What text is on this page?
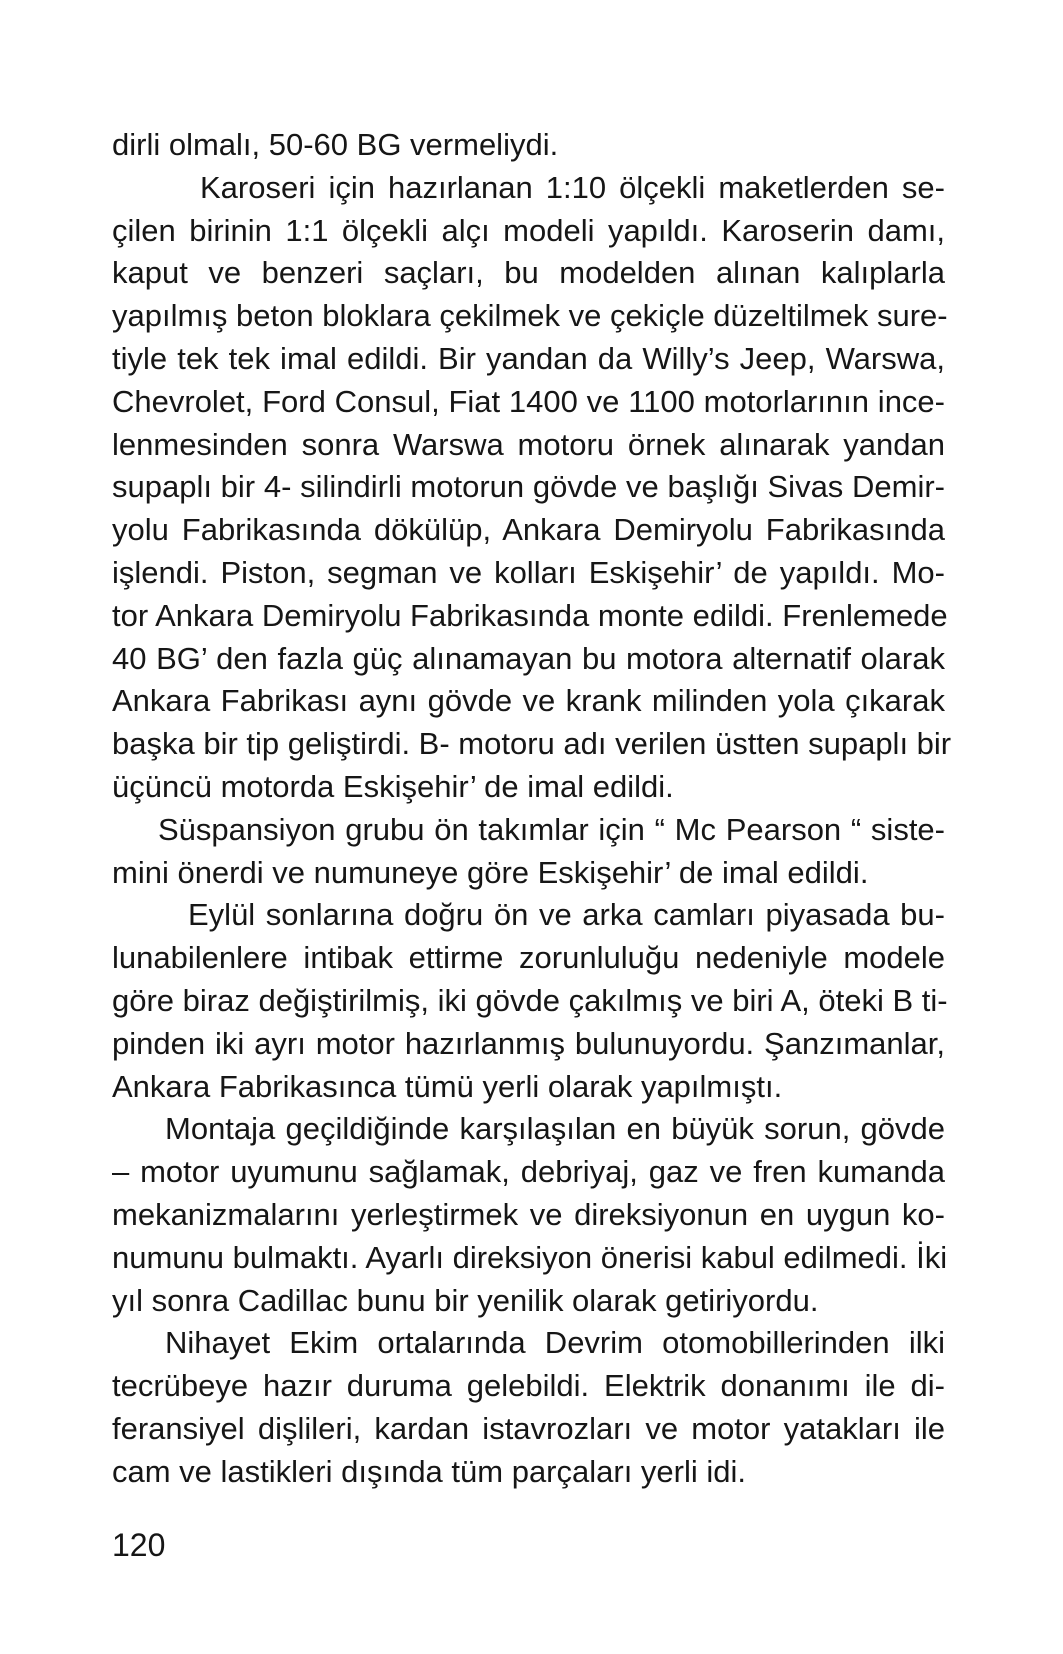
dirli olmalı, 50-60 BG vermeliydi.
Karoseri için hazırlanan 1:10 ölçekli maketlerden se-
çilen birinin 1:1 ölçekli alçı modeli yapıldı. Karoserin damı,
kaput ve benzeri saçları, bu modelden alınan kalıplarla
yapılmış beton bloklara çekilmek ve çekiçle düzeltilmek sure-
tiyle tek tek imal edildi. Bir yandan da Willy’s Jeep, Warswa,
Chevrolet, Ford Consul, Fiat 1400 ve 1100 motorlarının ince-
lenmesinden sonra Warswa motoru örnek alınarak yandan
supaplı bir 4- silindirli motorun gövde ve başlığı Sivas Demir-
yolu Fabrikasında dökülüp, Ankara Demiryolu Fabrikasında
işlendi. Piston, segman ve kolları Eskişehir’ de yapıldı. Mo-
tor Ankara Demiryolu Fabrikasında monte edildi. Frenlemede
40 BG’ den fazla güç alınamayan bu motora alternatif olarak
Ankara Fabrikası aynı gövde ve krank milinden yola çıkarak
başka bir tip geliştirdi. B- motoru adı verilen üstten supaplı bir
üçüncü motorda Eskişehir’ de imal edildi.
Süspansiyon grubu ön takımlar için “ Mc Pearson “ siste-
mini önerdi ve numuneye göre Eskişehir’ de imal edildi.
Eylül sonlarına doğru ön ve arka camları piyasada bu-
lunabilenlere intibak ettirme zorunluluğu nedeniyle modele
göre biraz değiştirilmiş, iki gövde çakılmış ve biri A, öteki B ti-
pinden iki ayrı motor hazırlanmış bulunuyordu. Şanzımanlar,
Ankara Fabrikasınca tümü yerli olarak yapılmıştı.
Montaja geçildiğinde karşılaşılan en büyük sorun, gövde
– motor uyumunu sağlamak, debriyaj, gaz ve fren kumanda
mekanizmalarını yerleştirmek ve direksiyonun en uygun ko-
numunu bulmaktı. Ayarlı direksiyon önerisi kabul edilmedi. İki
yıl sonra Cadillac bunu bir yenilik olarak getiriyordu.
Nihayet Ekim ortalarında Devrim otomobillerinden ilki
tecrübeye hazır duruma gelebildi. Elektrik donanımı ile di-
feransiyel dişlileri, kardan istavrozları ve motor yatakları ile
cam ve lastikleri dışında tüm parçaları yerli idi.
120
